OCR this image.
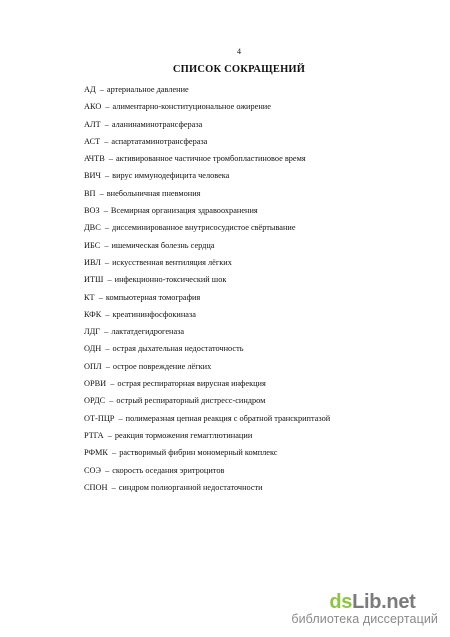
4
СПИСОК СОКРАЩЕНИЙ
АД – артериальное давление
АКО – алиментарно-конституциональное ожирение
АЛТ – аланинаминотрансфераза
АСТ – аспартатаминотрансфераза
АЧТВ – активированное частичное тромбопластиновое время
ВИЧ – вирус иммунодефицита человека
ВП – внебольничная пневмония
ВОЗ – Всемирная организация здравоохранения
ДВС – диссеминированное внутрисосудистое свёртывание
ИБС – ишемическая болезнь сердца
ИВЛ – искусственная вентиляция лёгких
ИТШ – инфекционно-токсический шок
КТ – компьютерная томография
КФК – креатининфосфокиназа
ЛДГ – лактатдегидрогеназа
ОДН – острая дыхательная недостаточность
ОПЛ – острое повреждение лёгких
ОРВИ – острая респираторная вирусная инфекция
ОРДС – острый респираторный дистресс-синдром
ОТ-ПЦР – полимеразная цепная реакция с обратной транскриптазой
РТГА – реакция торможения гемагглютинации
РФМК – растворимый фибрин мономерный комплекс
СОЭ – скорость оседания эритроцитов
СПОН – синдром полиорганной недостаточности
dsLib.net
библиотека диссертаций
